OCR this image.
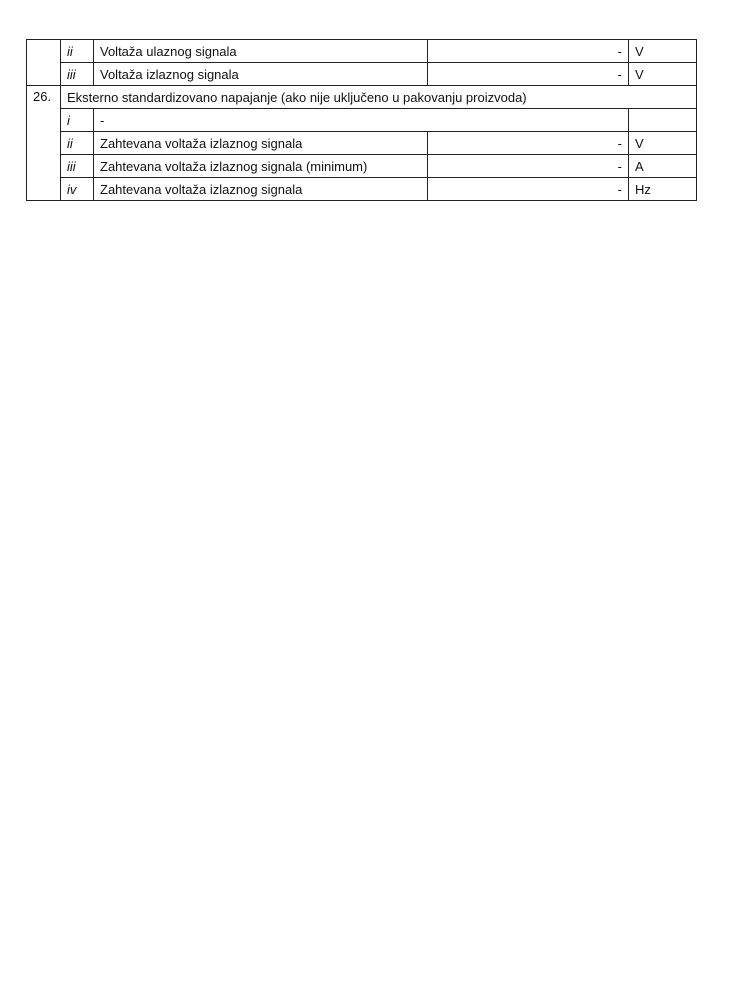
	ii	Voltaža ulaznog signala	-	V
	iii	Voltaža izlaznog signala	-	V
26.	Eksterno standardizovano napajanje (ako nije uključeno u pakovanju proizvoda)			
	i	-		
	ii	Zahtevana voltaža izlaznog signala	-	V
	iii	Zahtevana voltaža izlaznog signala (minimum)	-	A
	iv	Zahtevana voltaža izlaznog signala	-	Hz
